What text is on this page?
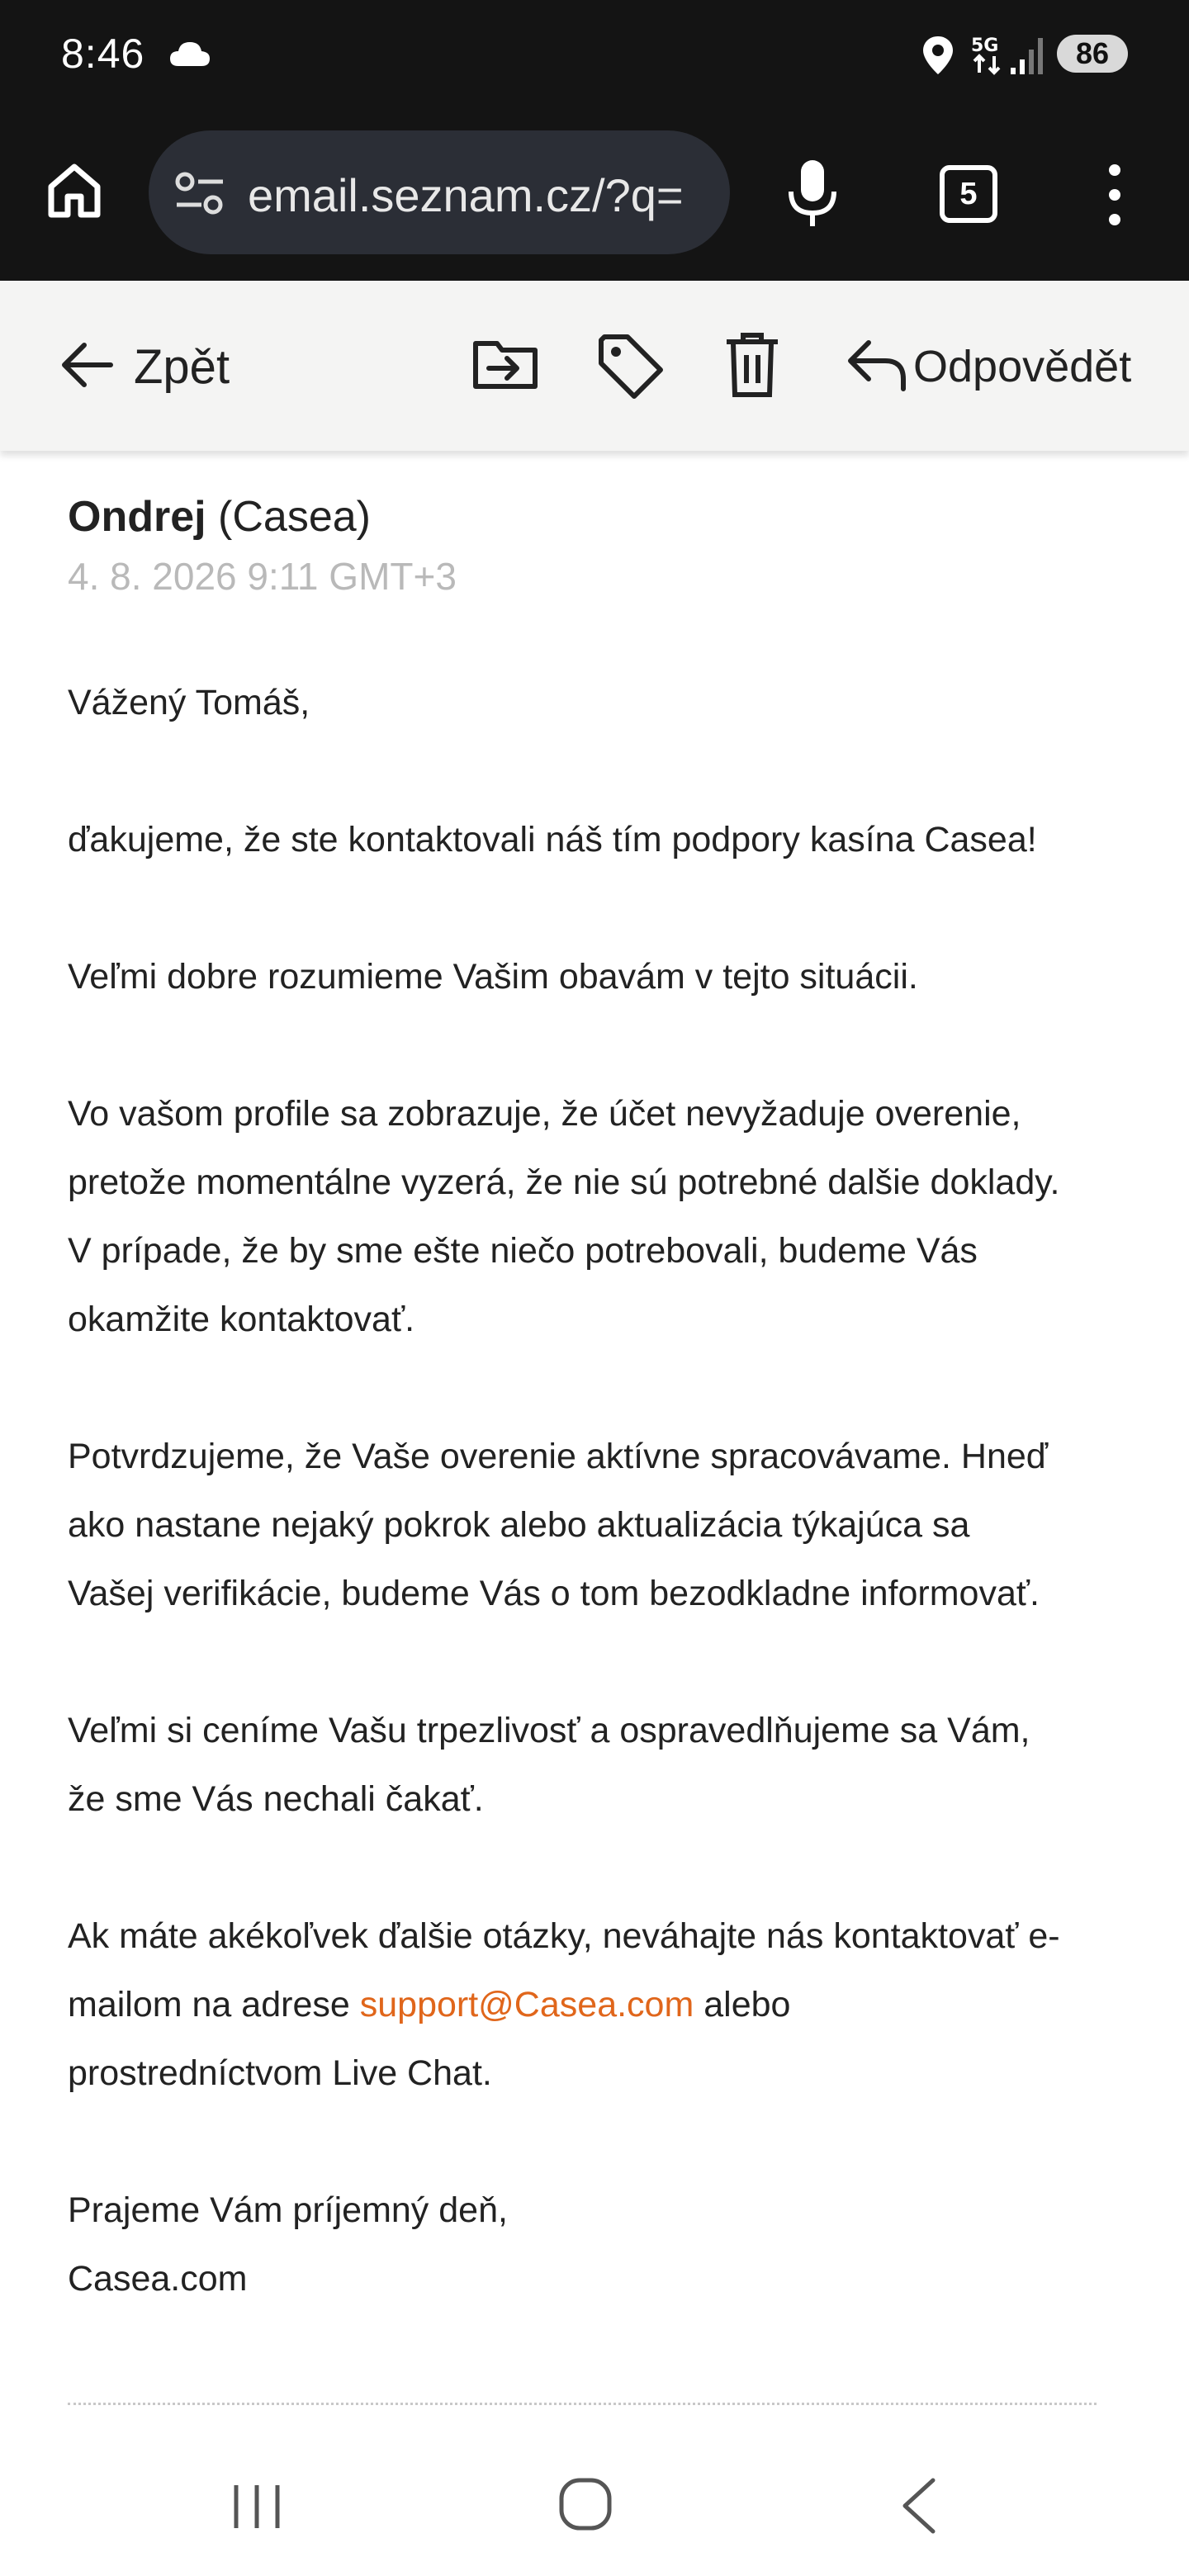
8:46	5G	86
email.seznam.cz/?q=	5
Zpět	Odpovědět
Ondrej (Casea)
4. 8. 2026 9:11 GMT+3

Vážený Tomáš,

ďakujeme, že ste kontaktovali náš tím podpory kasína Casea!

Veľmi dobre rozumieme Vašim obavám v tejto situácii.

Vo vašom profile sa zobrazuje, že účet nevyžaduje overenie,
pretože momentálne vyzerá, že nie sú potrebné dalšie doklady.
V prípade, že by sme ešte niečo potrebovali, budeme Vás
okamžite kontaktovať.

Potvrdzujeme, že Vaše overenie aktívne spracovávame. Hneď
ako nastane nejaký pokrok alebo aktualizácia týkajúca sa
Vašej verifikácie, budeme Vás o tom bezodkladne informovať.

Veľmi si ceníme Vašu trpezlivosť a ospravedlňujeme sa Vám,
že sme Vás nechali čakať.

Ak máte akékoľvek ďalšie otázky, neváhajte nás kontaktovať e-
mailom na adrese support@Casea.com alebo
prostredníctvom Live Chat.

Prajeme Vám príjemný deň,
Casea.com
